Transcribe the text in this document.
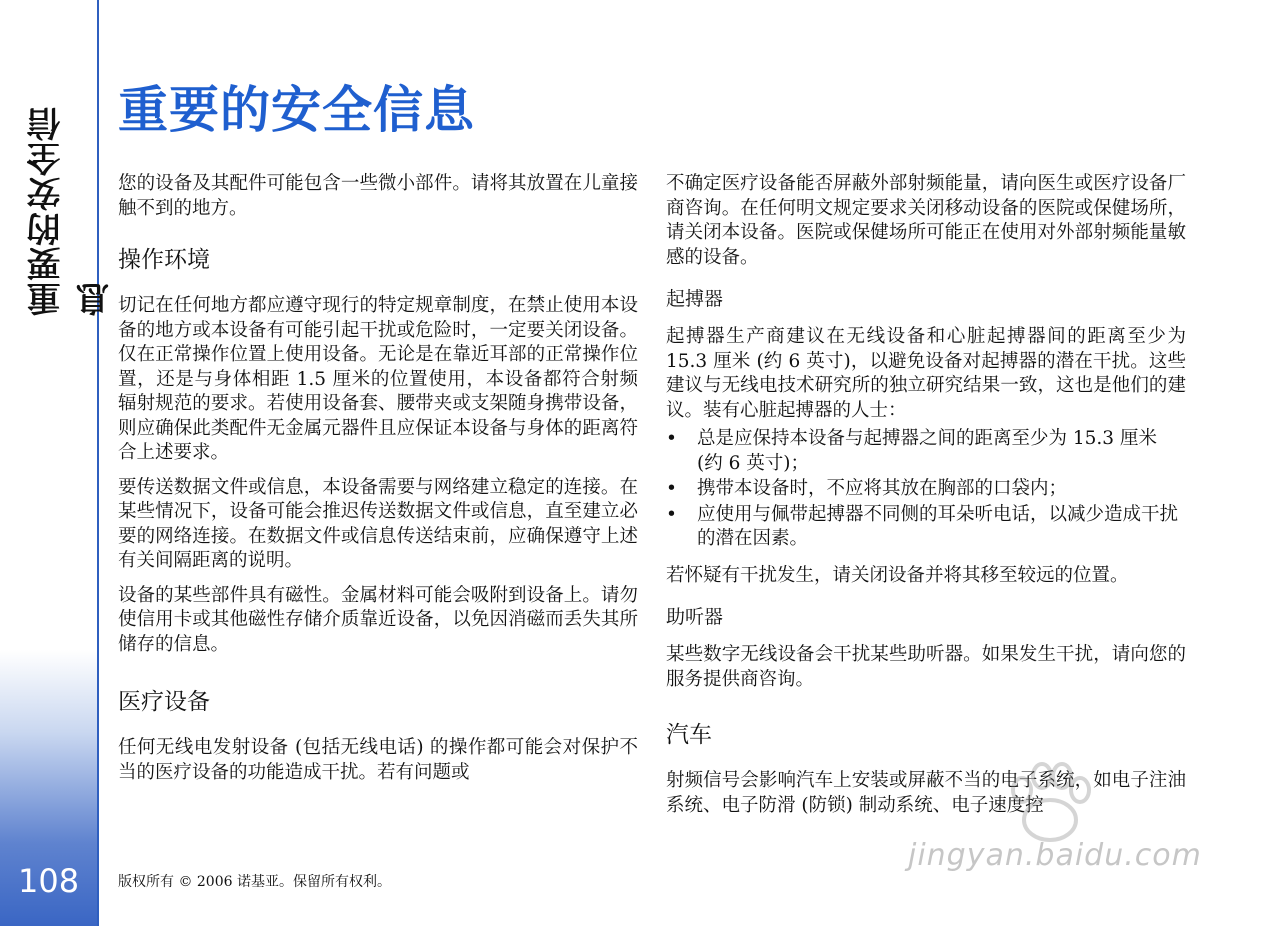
重要的安全信息
108
重要的安全信息

您的设备及其配件可能包含一些微小部件。请将其放置在儿童接触不到的地方。

操作环境

切记在任何地方都应遵守现行的特定规章制度，在禁止使用本设备的地方或本设备有可能引起干扰或危险时，一定要关闭设备。仅在正常操作位置上使用设备。无论是在靠近耳部的正常操作位置，还是与身体相距 1.5 厘米的位置使用，本设备都符合射频辐射规范的要求。若使用设备套、腰带夹或支架随身携带设备，则应确保此类配件无金属元器件且应保证本设备与身体的距离符合上述要求。

要传送数据文件或信息，本设备需要与网络建立稳定的连接。在某些情况下，设备可能会推迟传送数据文件或信息，直至建立必要的网络连接。在数据文件或信息传送结束前，应确保遵守上述有关间隔距离的说明。

设备的某些部件具有磁性。金属材料可能会吸附到设备上。请勿使信用卡或其他磁性存储介质靠近设备，以免因消磁而丢失其所储存的信息。

医疗设备

任何无线电发射设备 (包括无线电话) 的操作都可能会对保护不当的医疗设备的功能造成干扰。若有问题或

不确定医疗设备能否屏蔽外部射频能量，请向医生或医疗设备厂商咨询。在任何明文规定要求关闭移动设备的医院或保健场所，请关闭本设备。医院或保健场所可能正在使用对外部射频能量敏感的设备。

起搏器

起搏器生产商建议在无线设备和心脏起搏器间的距离至少为 15.3 厘米 (约 6 英寸)，以避免设备对起搏器的潜在干扰。这些建议与无线电技术研究所的独立研究结果一致，这也是他们的建议。装有心脏起搏器的人士：

• 总是应保持本设备与起搏器之间的距离至少为 15.3 厘米 (约 6 英寸)；
• 携带本设备时，不应将其放在胸部的口袋内；
• 应使用与佩带起搏器不同侧的耳朵听电话，以减少造成干扰的潜在因素。

若怀疑有干扰发生，请关闭设备并将其移至较远的位置。

助听器

某些数字无线设备会干扰某些助听器。如果发生干扰，请向您的服务提供商咨询。

汽车

射频信号会影响汽车上安装或屏蔽不当的电子系统，如电子注油系统、电子防滑 (防锁) 制动系统、电子速度控

版权所有 © 2006 诺基亚。保留所有权利。
jingyan.baidu.com
